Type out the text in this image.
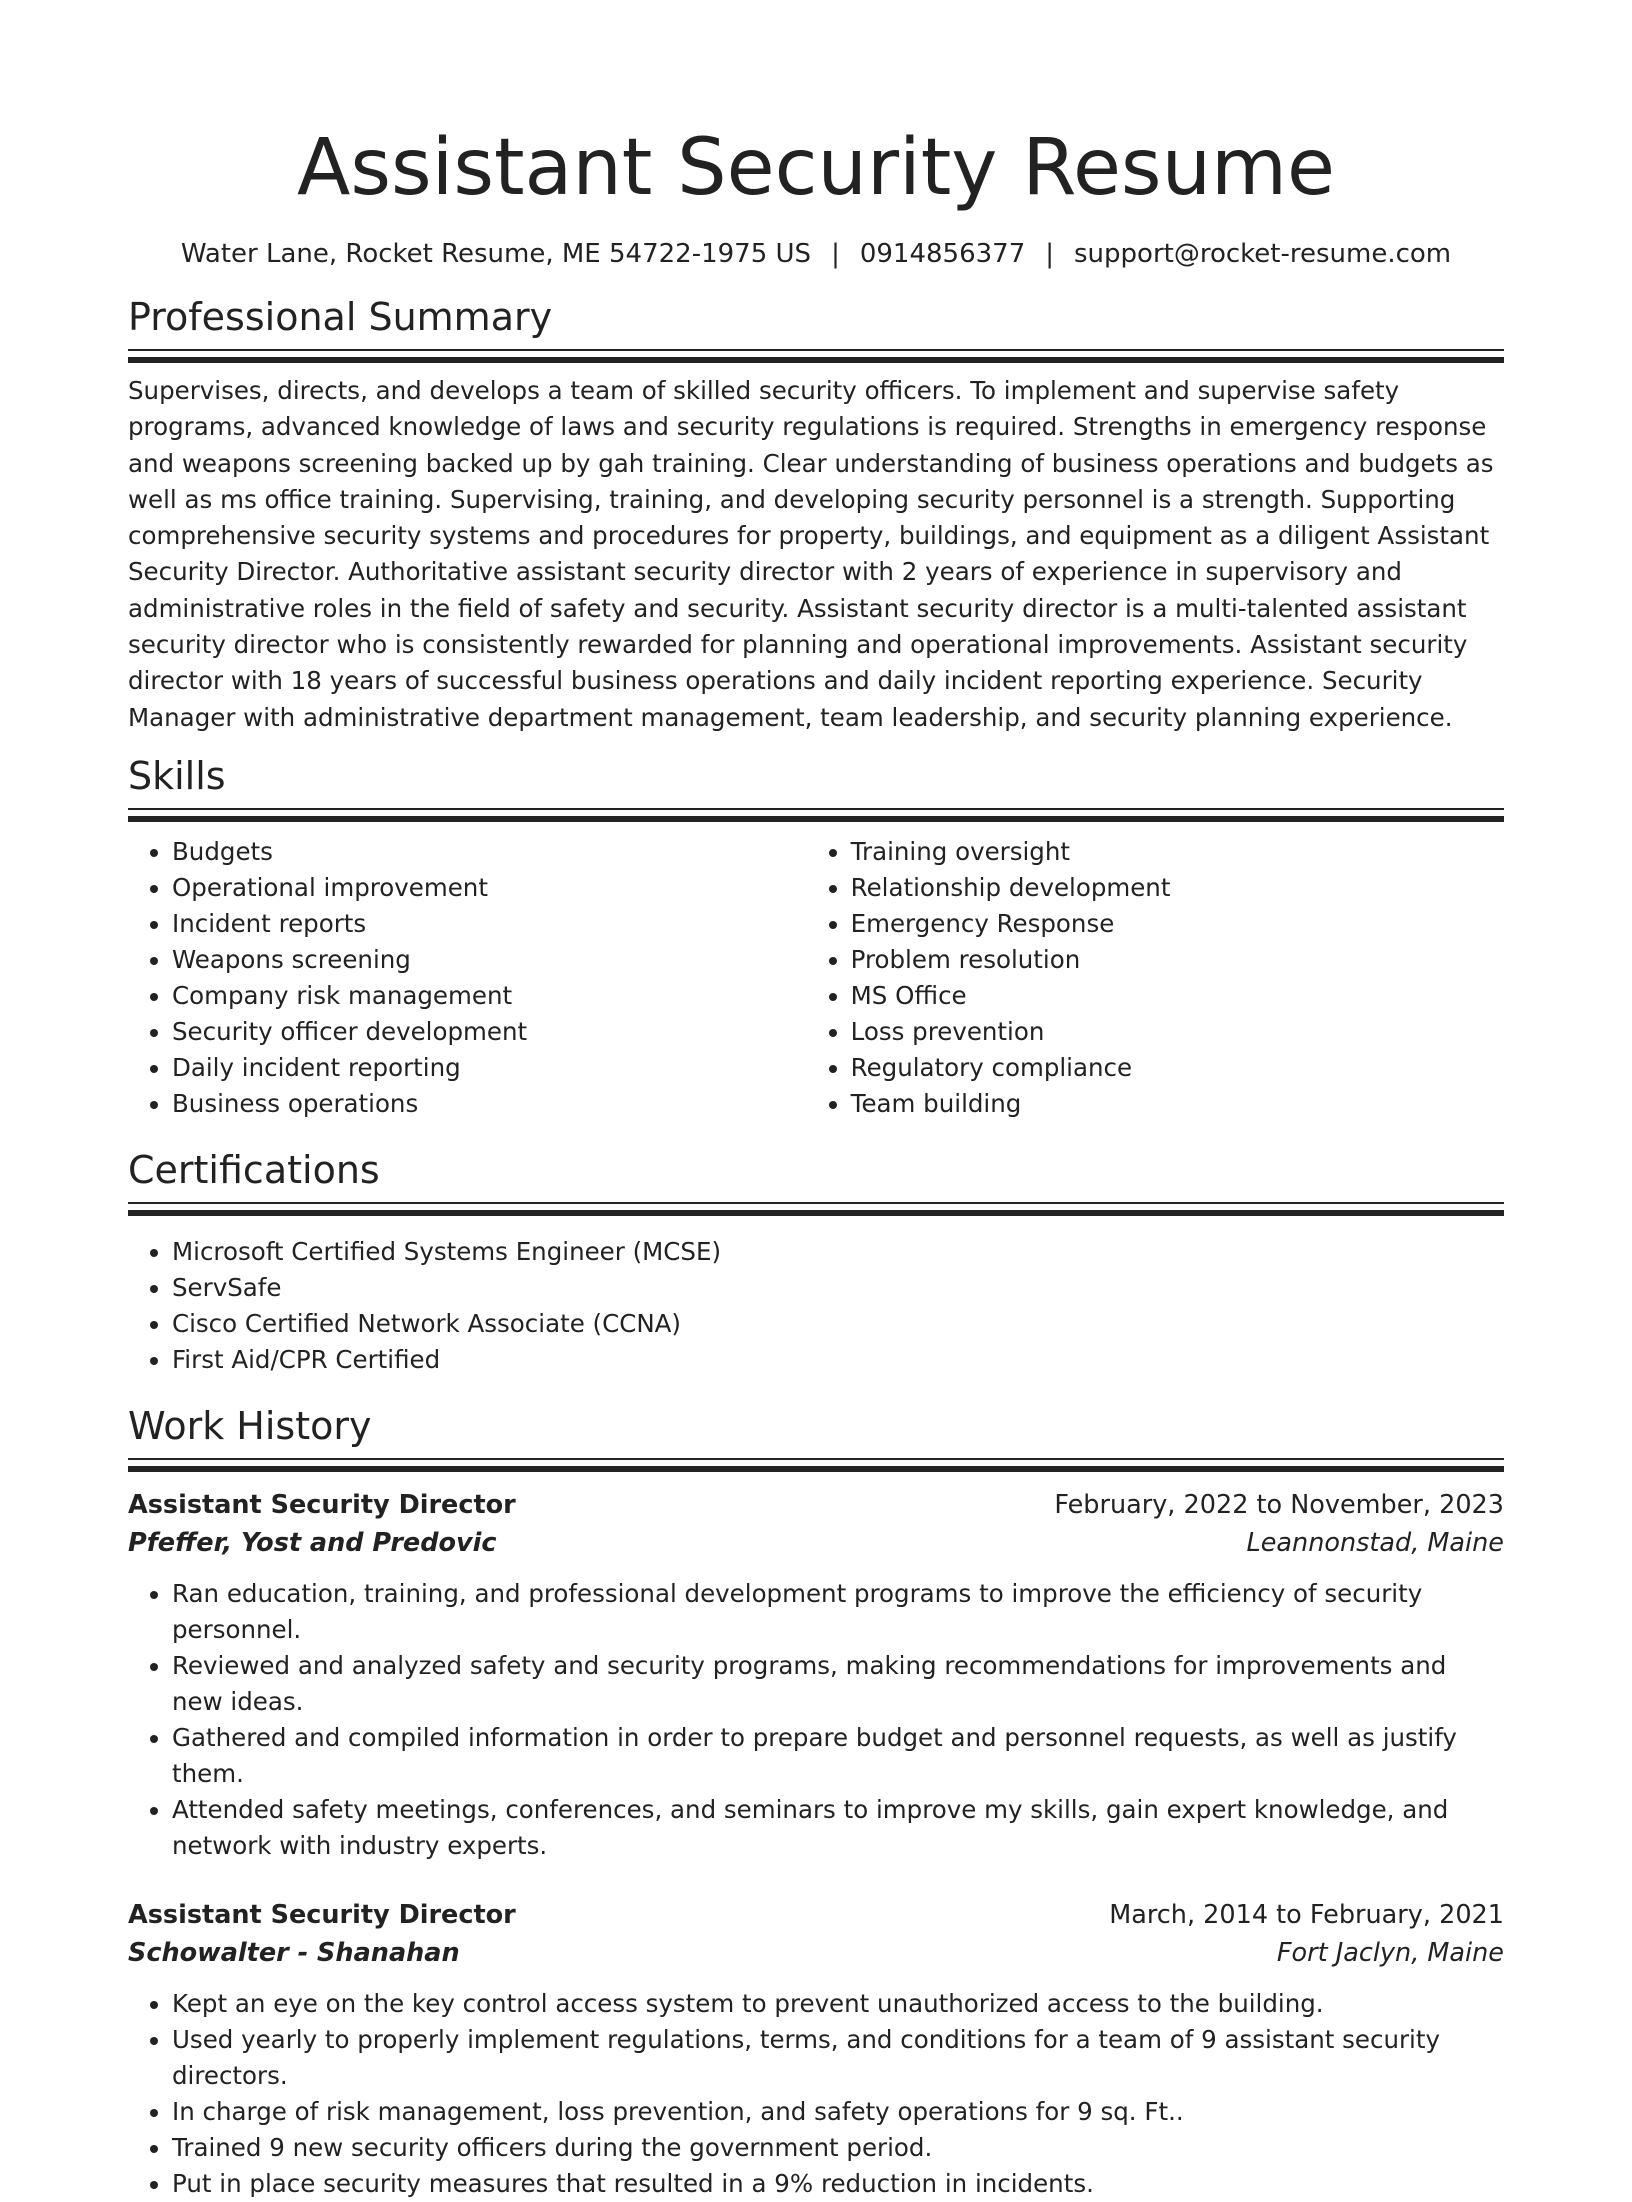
Assistant Security Resume
Water Lane, Rocket Resume, ME 54722-1975 US | 0914856377 | support@rocket-resume.com
Professional Summary

Supervises, directs, and develops a team of skilled security officers. To implement and supervise safety programs, advanced knowledge of laws and security regulations is required. Strengths in emergency response and weapons screening backed up by gah training. Clear understanding of business operations and budgets as well as ms office training. Supervising, training, and developing security personnel is a strength. Supporting comprehensive security systems and procedures for property, buildings, and equipment as a diligent Assistant Security Director. Authoritative assistant security director with 2 years of experience in supervisory and administrative roles in the field of safety and security. Assistant security director is a multi-talented assistant security director who is consistently rewarded for planning and operational improvements. Assistant security director with 18 years of successful business operations and daily incident reporting experience. Security Manager with administrative department management, team leadership, and security planning experience.

Skills
• Budgets
• Operational improvement
• Incident reports
• Weapons screening
• Company risk management
• Security officer development
• Daily incident reporting
• Business operations
• Training oversight
• Relationship development
• Emergency Response
• Problem resolution
• MS Office
• Loss prevention
• Regulatory compliance
• Team building
Certifications
• Microsoft Certified Systems Engineer (MCSE)
• ServSafe
• Cisco Certified Network Associate (CCNA)
• First Aid/CPR Certified
Work History
Assistant Security Director	February, 2022 to November, 2023
Pfeffer, Yost and Predovic	Leannonstad, Maine
• Ran education, training, and professional development programs to improve the efficiency of security personnel.
• Reviewed and analyzed safety and security programs, making recommendations for improvements and new ideas.
• Gathered and compiled information in order to prepare budget and personnel requests, as well as justify them.
• Attended safety meetings, conferences, and seminars to improve my skills, gain expert knowledge, and network with industry experts.
Assistant Security Director	March, 2014 to February, 2021
Schowalter - Shanahan	Fort Jaclyn, Maine
• Kept an eye on the key control access system to prevent unauthorized access to the building.
• Used yearly to properly implement regulations, terms, and conditions for a team of 9 assistant security directors.
• In charge of risk management, loss prevention, and safety operations for 9 sq. Ft..
• Trained 9 new security officers during the government period.
• Put in place security measures that resulted in a 9% reduction in incidents.
